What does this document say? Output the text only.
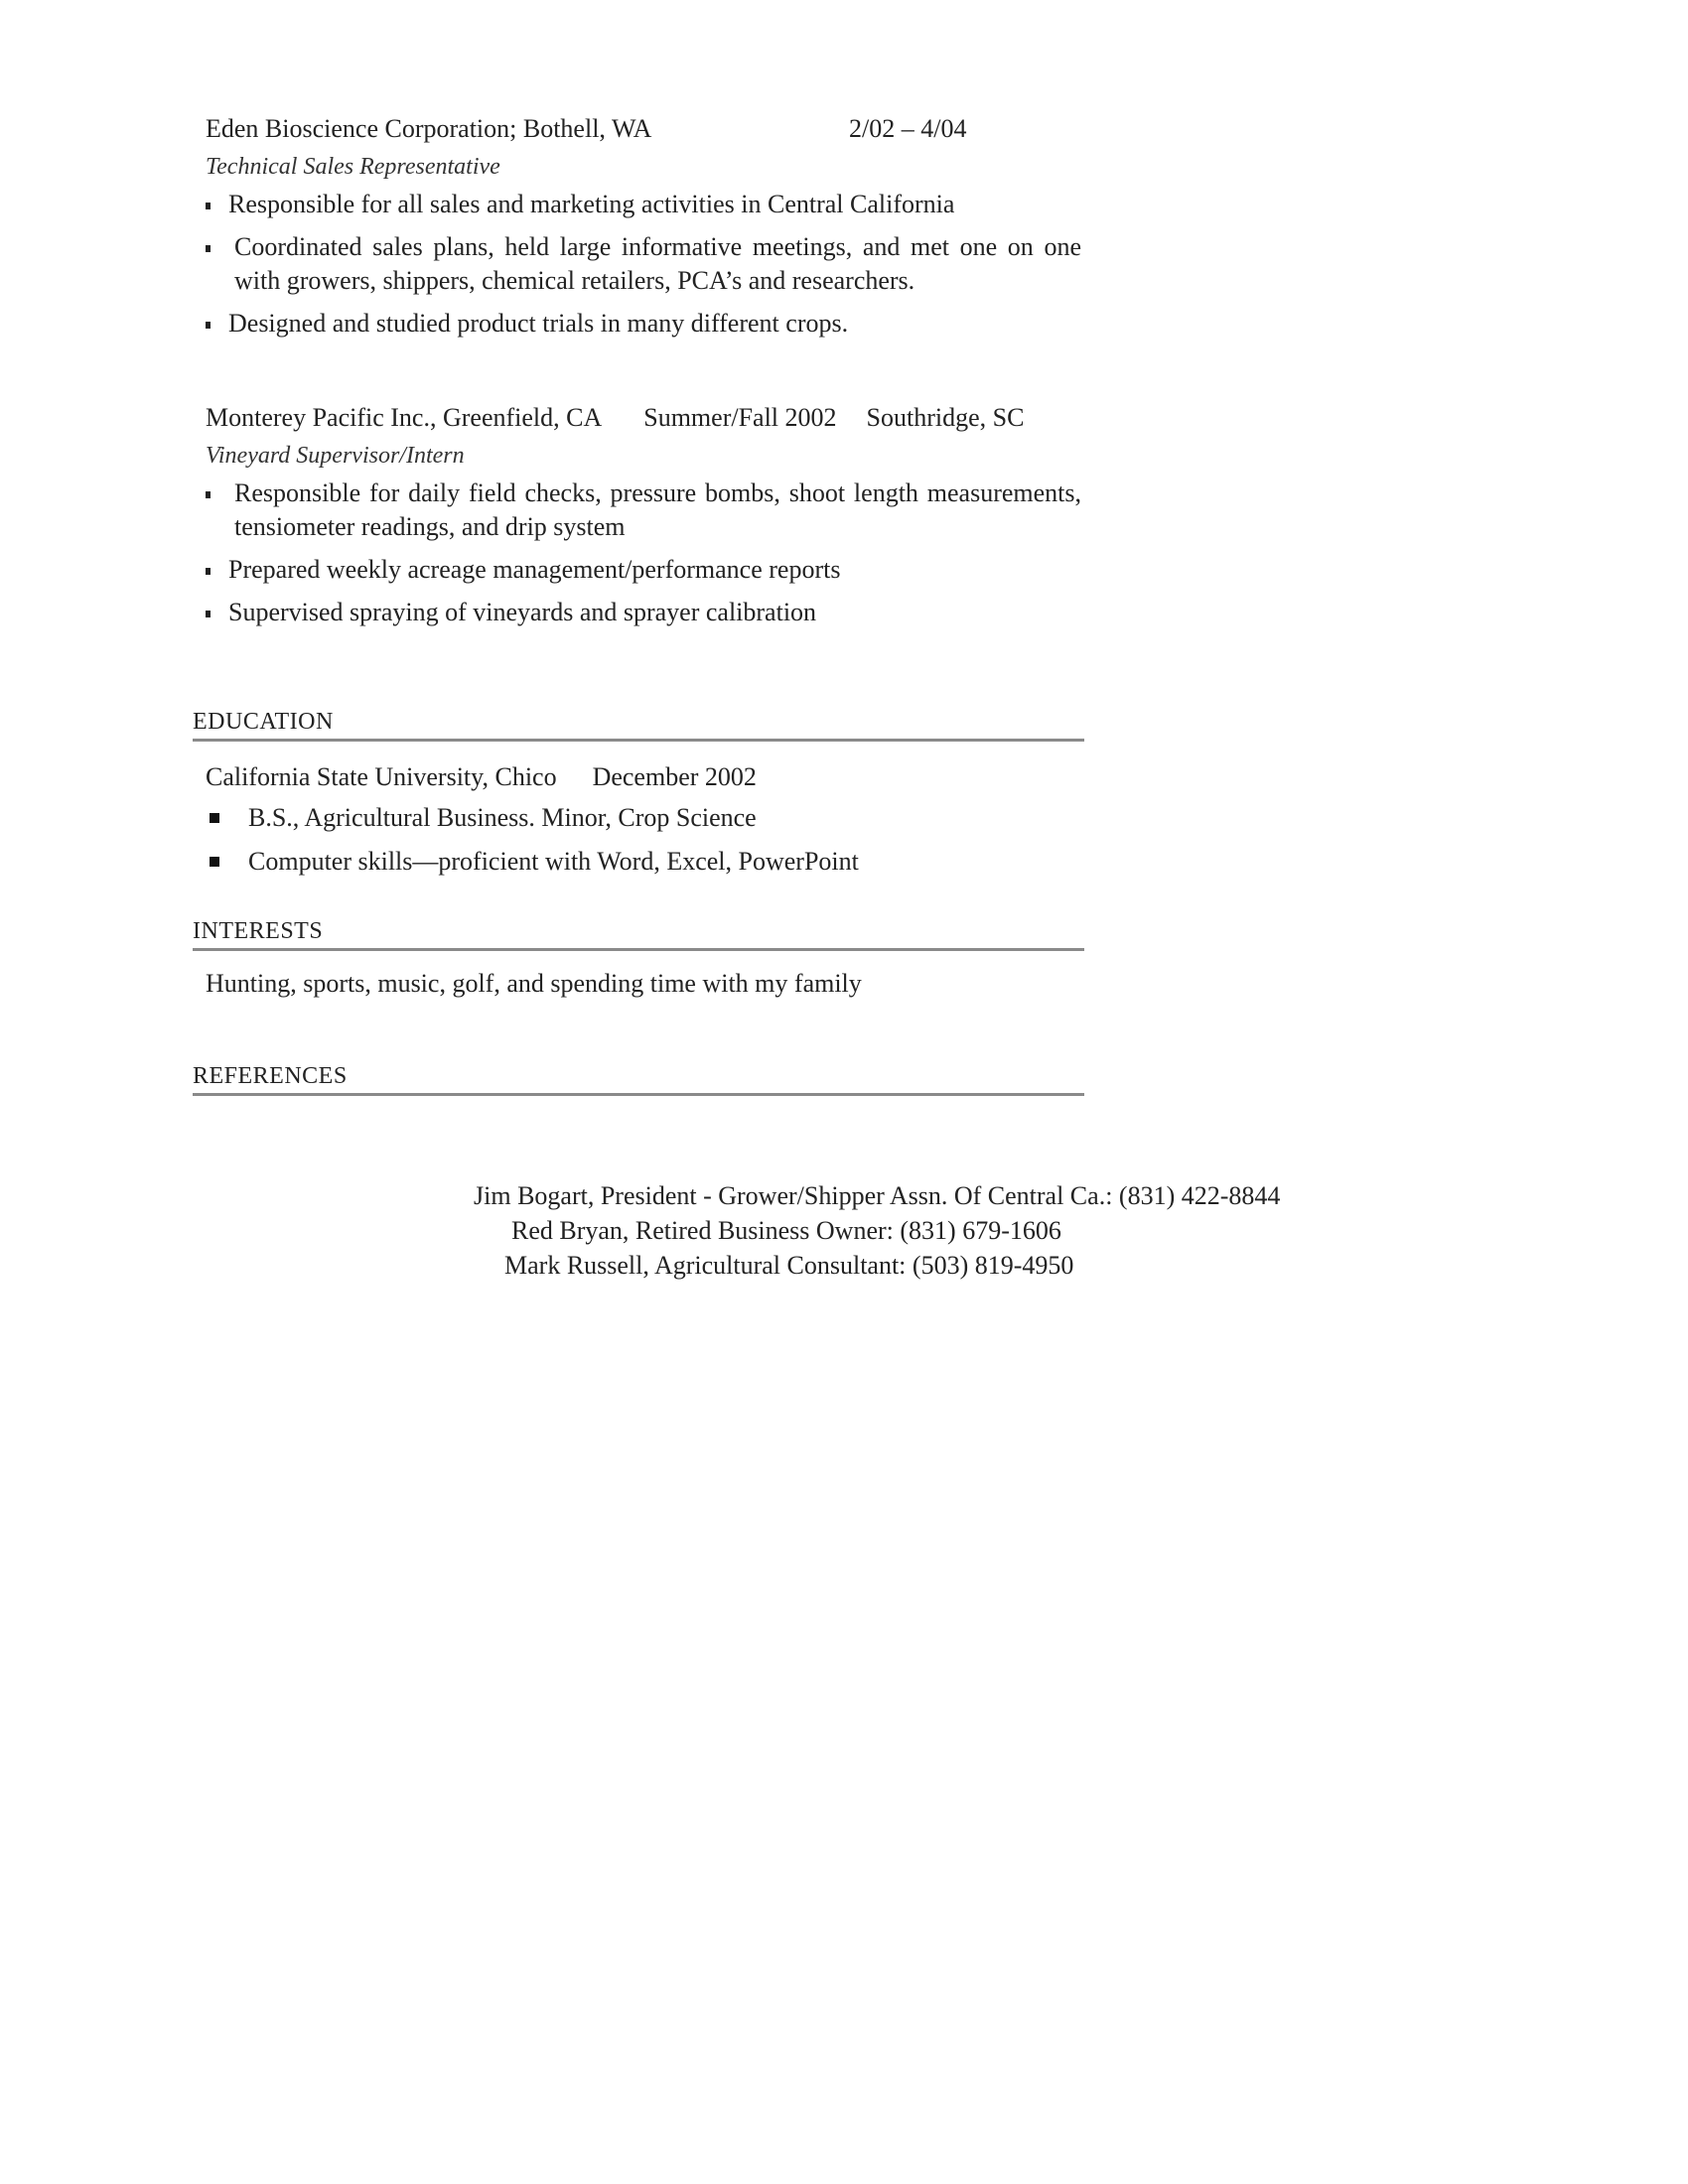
Eden Bioscience Corporation; Bothell, WA	2/02 – 4/04
Technical Sales Representative
Responsible for all sales and marketing activities in Central California
Coordinated sales plans, held large informative meetings, and met one on one with growers, shippers, chemical retailers, PCA’s and researchers.
Designed and studied product trials in many different crops.
Monterey Pacific Inc., Greenfield, CA Summer/Fall 2002 Southridge, SC
Vineyard Supervisor/Intern
Responsible for daily field checks, pressure bombs, shoot length measurements, tensiometer readings, and drip system
Prepared weekly acreage management/performance reports
Supervised spraying of vineyards and sprayer calibration
EDUCATION
California State University, Chico December 2002
B.S., Agricultural Business. Minor, Crop Science
Computer skills—proficient with Word, Excel, PowerPoint
INTERESTS
Hunting, sports, music, golf, and spending time with my family
REFERENCES
Jim Bogart, President - Grower/Shipper Assn. Of Central Ca.: (831) 422-8844
Red Bryan, Retired Business Owner: (831) 679-1606
Mark Russell, Agricultural Consultant: (503) 819-4950
